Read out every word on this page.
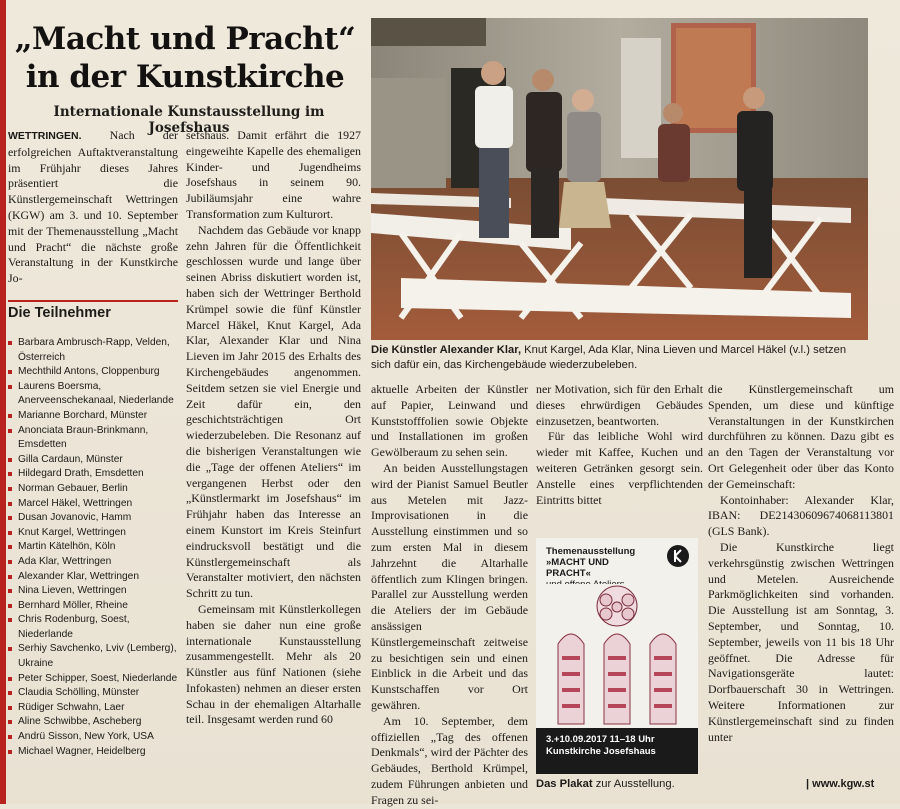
„Macht und Pracht“
in der Kunstkirche
Internationale Kunstausstellung im Josefshaus

WETTRINGEN. Nach der erfolgreichen Auftaktveranstaltung im Frühjahr dieses Jahres präsentiert die Künstlergemeinschaft Wettringen (KGW) am 3. und 10. September mit der Themenausstellung „Macht und Pracht“ die nächste große Veranstaltung in der Kunstkirche Jo-

Die Teilnehmer
Barbara Ambrusch-Rapp, Velden, Österreich
Mechthild Antons, Cloppenburg
Laurens Boersma, Anerveenschekanaal, Niederlande
Marianne Borchard, Münster
Anonciata Braun-Brinkmann, Emsdetten
Gilla Cardaun, Münster
Hildegard Drath, Emsdetten
Norman Gebauer, Berlin
Marcel Häkel, Wettringen
Dusan Jovanovic, Hamm
Knut Kargel, Wettringen
Martin Kätelhön, Köln
Ada Klar, Wettringen
Alexander Klar, Wettringen
Nina Lieven, Wettringen
Bernhard Möller, Rheine
Chris Rodenburg, Soest, Niederlande
Serhiy Savchenko, Lviv (Lemberg), Ukraine
Peter Schipper, Soest, Niederlande
Claudia Schölling, Münster
Rüdiger Schwahn, Laer
Aline Schwibbe, Ascheberg
Andrü Sisson, New York, USA
Michael Wagner, Heidelberg

sefshaus. Damit erfährt die 1927 eingeweihte Kapelle des ehemaligen Kinder- und Jugendheims Josefshaus in seinem 90. Jubiläumsjahr eine wahre Transformation zum Kulturort.

Nachdem das Gebäude vor knapp zehn Jahren für die Öffentlichkeit geschlossen wurde und lange über seinen Abriss diskutiert worden ist, haben sich der Wettringer Berthold Krümpel sowie die fünf Künstler Marcel Häkel, Knut Kargel, Ada Klar, Alexander Klar und Nina Lieven im Jahr 2015 des Erhalts des Kirchengebäudes angenommen. Seitdem setzen sie viel Energie und Zeit dafür ein, den geschichtsträchtigen Ort wiederzubeleben. Die Resonanz auf die bisherigen Veranstaltungen wie die „Tage der offenen Ateliers“ im vergangenen Herbst oder den „Künstlermarkt im Josefshaus“ im Frühjahr haben das Interesse an einem Kunstort im Kreis Steinfurt eindrucksvoll bestätigt und die Künstlergemeinschaft als Veranstalter motiviert, den nächsten Schritt zu tun.

Gemeinsam mit Künstlerkollegen haben sie daher nun eine große internationale Kunstausstellung zusammengestellt. Mehr als 20 Künstler aus fünf Nationen (siehe Infokasten) nehmen an dieser ersten Schau in der ehemaligen Altarhalle teil. Insgesamt werden rund 60

Die Künstler Alexander Klar, Knut Kargel, Ada Klar, Nina Lieven und Marcel Häkel (v.l.) setzen sich dafür ein, das Kirchengebäude wiederzubeleben.

aktuelle Arbeiten der Künstler auf Papier, Leinwand und Kunststofffolien sowie Objekte und Installationen im großen Gewölberaum zu sehen sein.

An beiden Ausstellungstagen wird der Pianist Samuel Beutler aus Metelen mit Jazz-Improvisationen in die Ausstellung einstimmen und so zum ersten Mal in diesem Jahrzehnt die Altarhalle öffentlich zum Klingen bringen. Parallel zur Ausstellung werden die Ateliers der im Gebäude ansässigen Künstlergemeinschaft zeitweise zu besichtigen sein und einen Einblick in die Arbeit und das Kunstschaffen vor Ort gewähren.

Am 10. September, dem offiziellen „Tag des offenen Denkmals“, wird der Pächter des Gebäudes, Berthold Krümpel, zudem Führungen anbieten und Fragen zu sei-

ner Motivation, sich für den Erhalt dieses ehrwürdigen Gebäudes einzusetzen, beantworten.

Für das leibliche Wohl wird wieder mit Kaffee, Kuchen und weiteren Getränken gesorgt sein. Anstelle eines verpflichtenden Eintritts bittet

Themenausstellung
»MACHT UND PRACHT«
3.+10.09.2017 11–18 Uhr
Kunstkirche Josefshaus
Das Plakat zur Ausstellung.

die Künstlergemeinschaft um Spenden, um diese und künftige Veranstaltungen in der Kunstkirchen durchführen zu können. Dazu gibt es an den Tagen der Veranstaltung vor Ort Gelegenheit oder über das Konto der Gemeinschaft:

Kontoinhaber: Alexander Klar, IBAN: DE21430609674068113801 (GLS Bank).

Die Kunstkirche liegt verkehrsgünstig zwischen Wettringen und Metelen. Ausreichende Parkmöglichkeiten sind vorhanden. Die Ausstellung ist am Sonntag, 3. September, und Sonntag, 10. September, jeweils von 11 bis 18 Uhr geöffnet. Die Adresse für Navigationsgeräte lautet: Dorfbauerschaft 30 in Wettringen. Weitere Informationen zur Künstlergemeinschaft sind zu finden unter

| www.kgw.st
